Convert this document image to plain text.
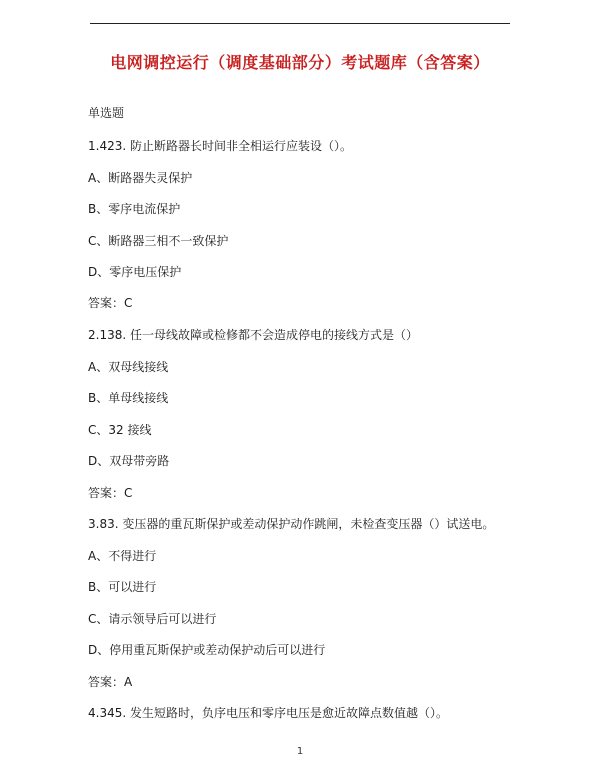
电网调控运行（调度基础部分）考试题库（含答案）
单选题
1.423. 防止断路器长时间非全相运行应装设（）。
A、断路器失灵保护
B、零序电流保护
C、断路器三相不一致保护
D、零序电压保护
答案：C
2.138. 任一母线故障或检修都不会造成停电的接线方式是（）
A、双母线接线
B、单母线接线
C、32 接线
D、双母带旁路
答案：C
3.83. 变压器的重瓦斯保护或差动保护动作跳闸，未检查变压器（）试送电。
A、不得进行
B、可以进行
C、请示领导后可以进行
D、停用重瓦斯保护或差动保护动后可以进行
答案：A
4.345. 发生短路时，负序电压和零序电压是愈近故障点数值越（）。
1
